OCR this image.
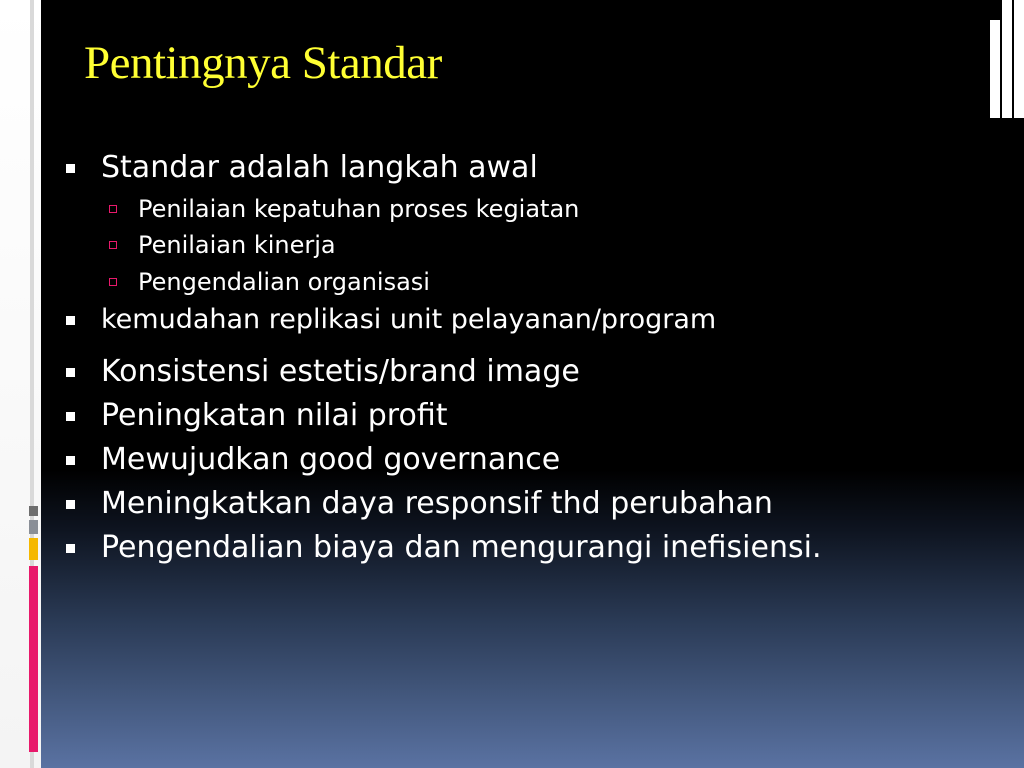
Pentingnya Standar
Standar adalah langkah awal
Penilaian kepatuhan proses kegiatan
Penilaian kinerja
Pengendalian organisasi
kemudahan replikasi unit pelayanan/program
Konsistensi estetis/brand image
Peningkatan nilai profit
Mewujudkan good governance
Meningkatkan daya responsif thd perubahan
Pengendalian biaya dan mengurangi inefisiensi.
